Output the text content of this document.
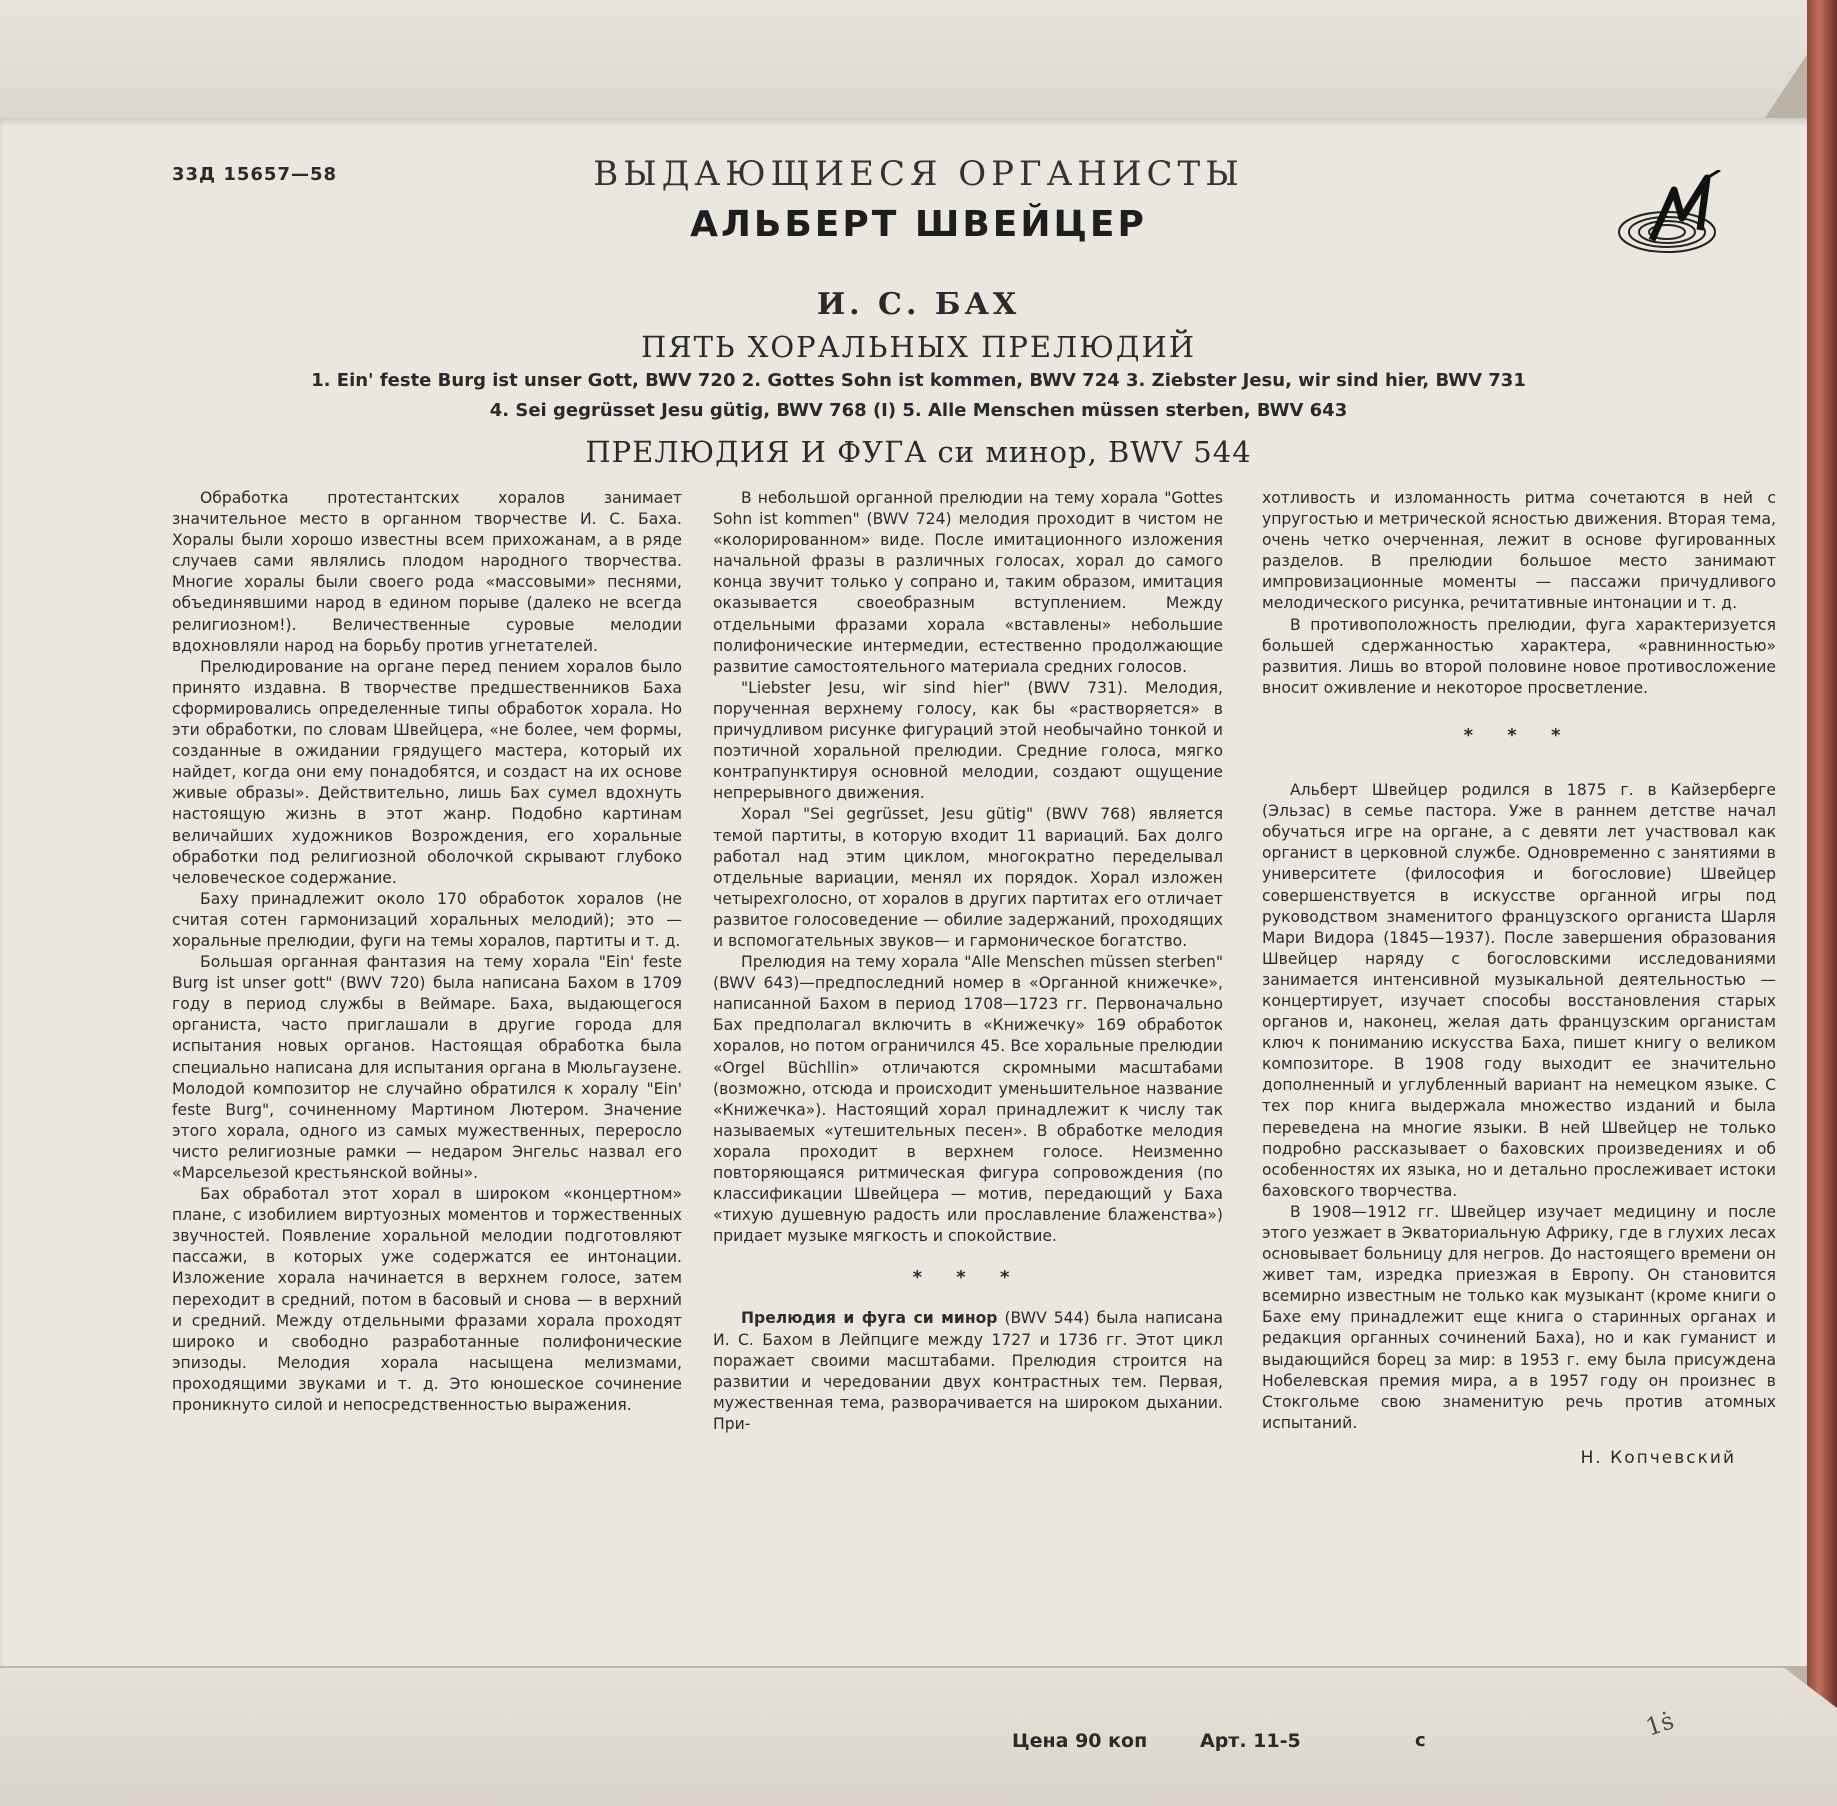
33Д 15657—58	ВЫДАЮЩИЕСЯ ОРГАНИСТЫ
АЛЬБЕРТ ШВЕЙЦЕР
И. С. БАХ
ПЯТЬ ХОРАЛЬНЫХ ПРЕЛЮДИЙ
1. Ein' feste Burg ist unser Gott, BWV 720 2. Gottes Sohn ist kommen, BWV 724 3. Ziebster Jesu, wir sind hier, BWV 731
4. Sei gegrüsset Jesu gütig, BWV 768 (I) 5. Alle Menschen müssen sterben, BWV 643
ПРЕЛЮДИЯ И ФУГА си минор, BWV 544

Обработка протестантских хоралов занимает значительное место в органном творчестве И. С. Баха. Хоралы были хорошо известны всем прихожанам, а в ряде случаев сами являлись плодом народного творчества. Многие хоралы были своего рода «массовыми» песнями, объединявшими народ в едином порыве (далеко не всегда религиозном!). Величественные суровые мелодии вдохновляли народ на борьбу против угнетателей.

Прелюдирование на органе перед пением хоралов было принято издавна. В творчестве предшественников Баха сформировались определенные типы обработок хорала. Но эти обработки, по словам Швейцера, «не более, чем формы, созданные в ожидании грядущего мастера, который их найдет, когда они ему понадобятся, и создаст на их основе живые образы». Действительно, лишь Бах сумел вдохнуть настоящую жизнь в этот жанр. Подобно картинам величайших художников Возрождения, его хоральные обработки под религиозной оболочкой скрывают глубоко человеческое содержание.

Баху принадлежит около 170 обработок хоралов (не считая сотен гармонизаций хоральных мелодий); это — хоральные прелюдии, фуги на темы хоралов, партиты и т. д.

Большая органная фантазия на тему хорала "Ein' feste Burg ist unser gott" (BWV 720) была написана Бахом в 1709 году в период службы в Веймаре. Баха, выдающегося органиста, часто приглашали в другие города для испытания новых органов. Настоящая обработка была специально написана для испытания органа в Мюльгаузене. Молодой композитор не случайно обратился к хоралу "Ein' feste Burg", сочиненному Мартином Лютером. Значение этого хорала, одного из самых мужественных, переросло чисто религиозные рамки — недаром Энгельс назвал его «Марсельезой крестьянской войны».

Бах обработал этот хорал в широком «концертном» плане, с изобилием виртуозных моментов и торжественных звучностей. Появление хоральной мелодии подготовляют пассажи, в которых уже содержатся ее интонации. Изложение хорала начинается в верхнем голосе, затем переходит в средний, потом в басовый и снова — в верхний и средний. Между отдельными фразами хорала проходят широко и свободно разработанные полифонические эпизоды. Мелодия хорала насыщена мелизмами, проходящими звуками и т. д. Это юношеское сочинение проникнуто силой и непосредственностью выражения.

В небольшой органной прелюдии на тему хорала "Gottes Sohn ist kommen" (BWV 724) мелодия проходит в чистом не «колорированном» виде. После имитационного изложения начальной фразы в различных голосах, хорал до самого конца звучит только у сопрано и, таким образом, имитация оказывается своеобразным вступлением. Между отдельными фразами хорала «вставлены» небольшие полифонические интермедии, естественно продолжающие развитие самостоятельного материала средних голосов.

"Liebster Jesu, wir sind hier" (BWV 731). Мелодия, порученная верхнему голосу, как бы «растворяется» в причудливом рисунке фигураций этой необычайно тонкой и поэтичной хоральной прелюдии. Средние голоса, мягко контрапунктируя основной мелодии, создают ощущение непрерывного движения.

Хорал "Sei gegrüsset, Jesu gütig" (BWV 768) является темой партиты, в которую входит 11 вариаций. Бах долго работал над этим циклом, многократно переделывал отдельные вариации, менял их порядок. Хорал изложен четырехголосно, от хоралов в других партитах его отличает развитое голосоведение — обилие задержаний, проходящих и вспомогательных звуков— и гармоническое богатство.

Прелюдия на тему хорала "Alle Menschen müssen sterben" (BWV 643)—предпоследний номер в «Органной книжечке», написанной Бахом в период 1708—1723 гг. Первоначально Бах предполагал включить в «Книжечку» 169 обработок хоралов, но потом ограничился 45. Все хоральные прелюдии «Orgel Büchllin» отличаются скромными масштабами (возможно, отсюда и происходит уменьшительное название «Книжечка»). Настоящий хорал принадлежит к числу так называемых «утешительных песен». В обработке мелодия хорала проходит в верхнем голосе. Неизменно повторяющаяся ритмическая фигура сопровождения (по классификации Швейцера — мотив, передающий у Баха «тихую душевную радость или прославление блаженства») придает музыке мягкость и спокойствие.

* * *

Прелюдия и фуга си минор (BWV 544) была написана И. С. Бахом в Лейпциге между 1727 и 1736 гг. Этот цикл поражает своими масштабами. Прелюдия строится на развитии и чередовании двух контрастных тем. Первая, мужественная тема, разворачивается на широком дыхании. При-

хотливость и изломанность ритма сочетаются в ней с упругостью и метрической ясностью движения. Вторая тема, очень четко очерченная, лежит в основе фугированных разделов. В прелюдии большое место занимают импровизационные моменты — пассажи причудливого мелодического рисунка, речитативные интонации и т. д.

В противоположность прелюдии, фуга характеризуется большей сдержанностью характера, «равнинностью» развития. Лишь во второй половине новое противосложение вносит оживление и некоторое просветление.

* * *

Альберт Швейцер родился в 1875 г. в Кайзерберге (Эльзас) в семье пастора. Уже в раннем детстве начал обучаться игре на органе, а с девяти лет участвовал как органист в церковной службе. Одновременно с занятиями в университете (философия и богословие) Швейцер совершенствуется в искусстве органной игры под руководством знаменитого французского органиста Шарля Мари Видора (1845—1937). После завершения образования Швейцер наряду с богословскими исследованиями занимается интенсивной музыкальной деятельностью — концертирует, изучает способы восстановления старых органов и, наконец, желая дать французским органистам ключ к пониманию искусства Баха, пишет книгу о великом композиторе. В 1908 году выходит ее значительно дополненный и углубленный вариант на немецком языке. С тех пор книга выдержала множество изданий и была переведена на многие языки. В ней Швейцер не только подробно рассказывает о баховских произведениях и об особенностях их языка, но и детально прослеживает истоки баховского творчества.

В 1908—1912 гг. Швейцер изучает медицину и после этого уезжает в Экваториальную Африку, где в глухих лесах основывает больницу для негров. До настоящего времени он живет там, изредка приезжая в Европу. Он становится всемирно известным не только как музыкант (кроме книги о Бахе ему принадлежит еще книга о старинных органах и редакция органных сочинений Баха), но и как гуманист и выдающийся борец за мир: в 1953 г. ему была присуждена Нобелевская премия мира, а в 1957 году он произнес в Стокгольме свою знаменитую речь против атомных испытаний.

Н. Копчевский
Цена 90 коп	Арт. 11-5	с	1ṡ
